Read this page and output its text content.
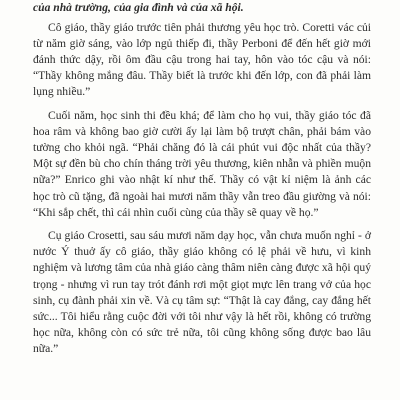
của nhà trường, của gia đình và của xã hội.

Cô giáo, thầy giáo trước tiên phải thương yêu học trò. Coretti vác củi từ năm giờ sáng, vào lớp ngủ thiếp đi, thầy Perboni để đến hết giờ mới đánh thức dậy, rồi ôm đầu cậu trong hai tay, hôn vào tóc cậu và nói: “Thầy không mắng đâu. Thầy biết là trước khi đến lớp, con đã phải làm lụng nhiều.”

Cuối năm, học sinh thi đều khá; để làm cho họ vui, thầy giáo tóc đã hoa râm và không bao giờ cười ấy lại làm bộ trượt chân, phải bám vào tường cho khỏi ngã. “Phải chăng đó là cái phút vui độc nhất của thầy? Một sự đền bù cho chín tháng trời yêu thương, kiên nhẫn và phiền muộn nữa?” Enrico ghi vào nhật kí như thế. Thầy có vật kỉ niệm là ảnh các học trò cũ tặng, đã ngoài hai mươi năm thầy vẫn treo đầu giường và nói: “Khi sắp chết, thì cái nhìn cuối cùng của thầy sẽ quay về họ.”

Cụ giáo Crosetti, sau sáu mươi năm dạy học, vẫn chưa muốn nghỉ - ở nước Ý thuở ấy cô giáo, thầy giáo không có lệ phải về hưu, vì kinh nghiệm và lương tâm của nhà giáo càng thâm niên càng được xã hội quý trọng - nhưng vì run tay trót đánh rơi một giọt mực lên trang vở của học sinh, cụ đành phải xin về. Và cụ tâm sự: “Thật là cay đắng, cay đắng hết sức... Tôi hiểu rằng cuộc đời với tôi như vậy là hết rồi, không có trường học nữa, không còn có sức trẻ nữa, tôi cũng không sống được bao lâu nữa.”
